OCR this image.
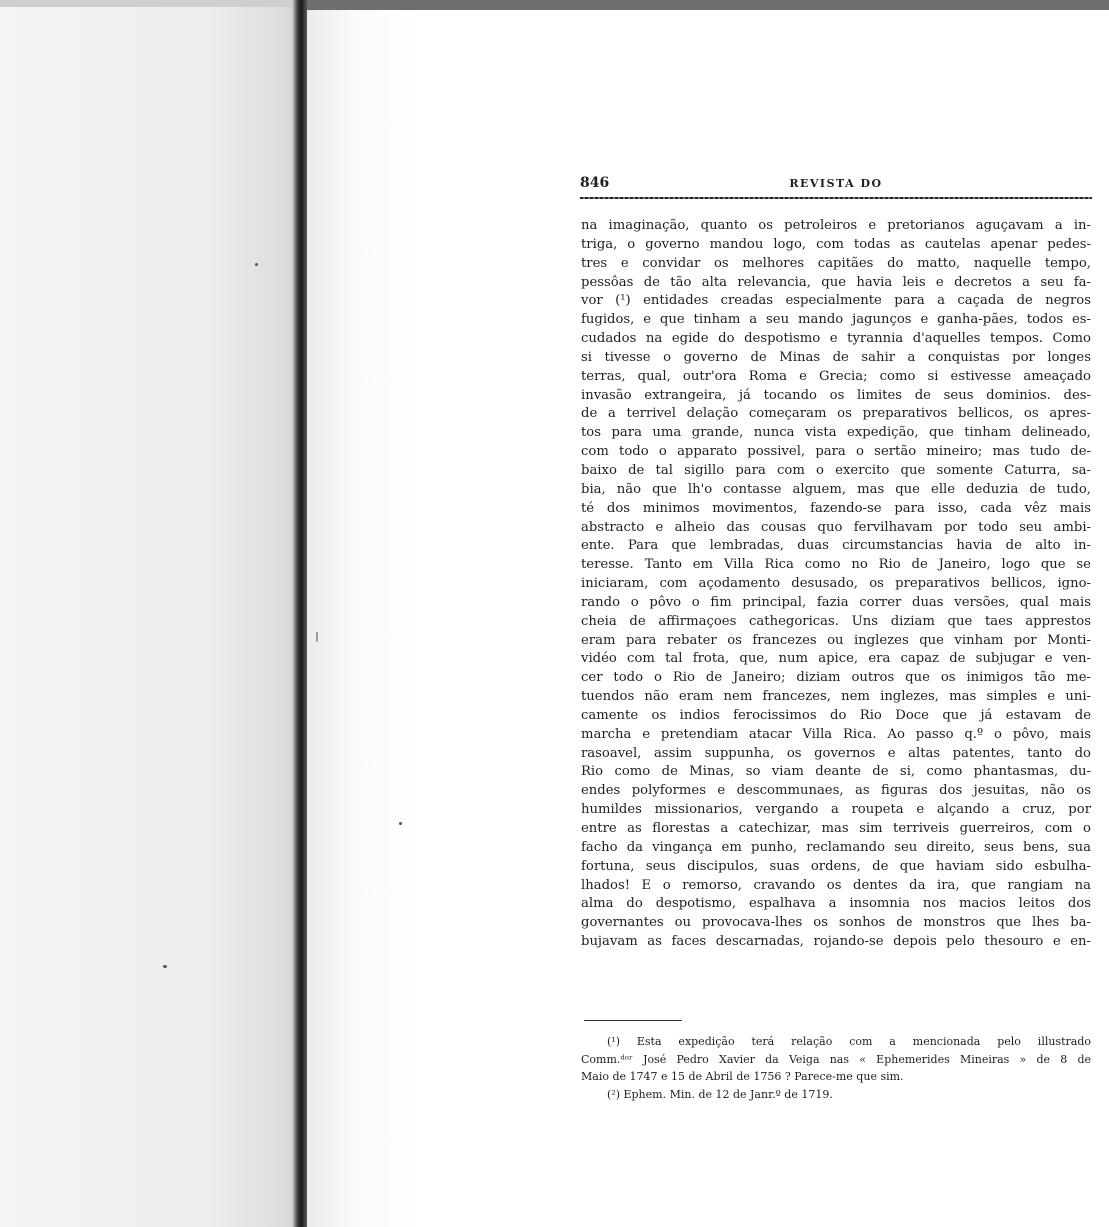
846	REVISTA DO
na imaginação, quanto os petroleiros e pretorianos aguçavam a in-
triga, o governo mandou logo, com todas as cautelas apenar pedes-
tres e convidar os melhores capitães do matto, naquelle tempo,
pessôas de tão alta relevancia, que havia leis e decretos a seu fa-
vor (¹) entidades creadas especialmente para a caçada de negros
fugidos, e que tinham a seu mando jagunços e ganha-pães, todos es-
cudados na egide do despotismo e tyrannia d'aquelles tempos. Como
si tivesse o governo de Minas de sahir a conquistas por longes
terras, qual, outr'ora Roma e Grecia; como si estivesse ameaçado
invasão extrangeira, já tocando os limites de seus dominios. des-
de a terrivel delação começaram os preparativos bellicos, os apres-
tos para uma grande, nunca vista expedição, que tinham delineado,
com todo o apparato possivel, para o sertão mineiro; mas tudo de-
baixo de tal sigillo para com o exercito que somente Caturra, sa-
bia, não que lh'o contasse alguem, mas que elle deduzia de tudo,
té dos minimos movimentos, fazendo-se para isso, cada vêz mais
abstracto e alheio das cousas quo fervilhavam por todo seu ambi-
ente. Para que lembradas, duas circumstancias havia de alto in-
teresse. Tanto em Villa Rica como no Rio de Janeiro, logo que se
iniciaram, com açodamento desusado, os preparativos bellicos, igno-
rando o pôvo o fim principal, fazia correr duas versões, qual mais
cheia de affirmaçoes cathegoricas. Uns diziam que taes apprestos
eram para rebater os francezes ou inglezes que vinham por Monti-
vidéo com tal frota, que, num apice, era capaz de subjugar e ven-
cer todo o Rio de Janeiro; diziam outros que os inimigos tão me-
tuendos não eram nem francezes, nem inglezes, mas simples e uni-
camente os indios ferocissimos do Rio Doce que já estavam de
marcha e pretendiam atacar Villa Rica. Ao passo q.º o pôvo, mais
rasoavel, assim suppunha, os governos e altas patentes, tanto do
Rio como de Minas, so viam deante de si, como phantasmas, du-
endes polyformes e descommunaes, as figuras dos jesuitas, não os
humildes missionarios, vergando a roupeta e alçando a cruz, por
entre as florestas a catechizar, mas sim terriveis guerreiros, com o
facho da vingança em punho, reclamando seu direito, seus bens, sua
fortuna, seus discipulos, suas ordens, de que haviam sido esbulha-
lhados! E o remorso, cravando os dentes da ira, que rangiam na
alma do despotismo, espalhava a insomnia nos macios leitos dos
governantes ou provocava-lhes os sonhos de monstros que lhes ba-
bujavam as faces descarnadas, rojando-se depois pelo thesouro e en-
(¹) Esta expedição terá relação com a mencionada pelo illustrado
Comm.ᵈᵒʳ José Pedro Xavier da Veiga nas « Ephemerides Mineiras » de 8 de
Maio de 1747 e 15 de Abril de 1756 ? Parece-me que sim.
(²) Ephem. Min. de 12 de Janr.º de 1719.
